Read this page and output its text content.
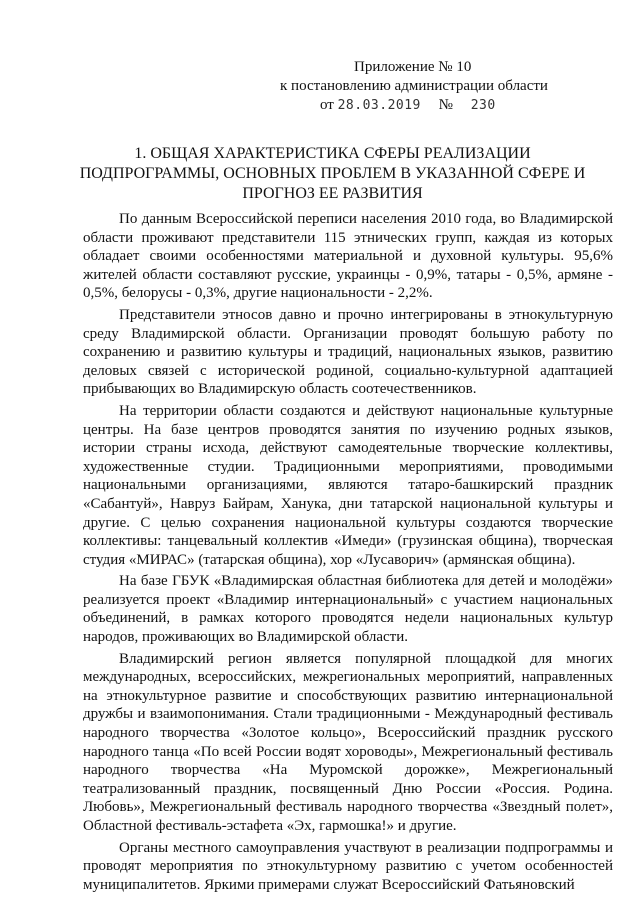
Приложение № 10
к постановлению администрации области
от 28.03.2019 № 230
1. ОБЩАЯ ХАРАКТЕРИСТИКА СФЕРЫ РЕАЛИЗАЦИИ ПОДПРОГРАММЫ, ОСНОВНЫХ ПРОБЛЕМ В УКАЗАННОЙ СФЕРЕ И ПРОГНОЗ ЕЕ РАЗВИТИЯ

По данным Всероссийской переписи населения 2010 года, во Владимирской области проживают представители 115 этнических групп, каждая из которых обладает своими особенностями материальной и духовной культуры. 95,6% жителей области составляют русские, украинцы - 0,9%, татары - 0,5%, армяне - 0,5%, белорусы - 0,3%, другие национальности - 2,2%.

Представители этносов давно и прочно интегрированы в этнокультурную среду Владимирской области. Организации проводят большую работу по сохранению и развитию культуры и традиций, национальных языков, развитию деловых связей с исторической родиной, социально-культурной адаптацией прибывающих во Владимирскую область соотечественников.

На территории области создаются и действуют национальные культурные центры. На базе центров проводятся занятия по изучению родных языков, истории страны исхода, действуют самодеятельные творческие коллективы, художественные студии. Традиционными мероприятиями, проводимыми национальными организациями, являются татаро-башкирский праздник «Сабантуй», Навруз Байрам, Ханука, дни татарской национальной культуры и другие. С целью сохранения национальной культуры создаются творческие коллективы: танцевальный коллектив «Имеди» (грузинская община), творческая студия «МИРАС» (татарская община), хор «Лусаворич» (армянская община).

На базе ГБУК «Владимирская областная библиотека для детей и молодёжи» реализуется проект «Владимир интернациональный» с участием национальных объединений, в рамках которого проводятся недели национальных культур народов, проживающих во Владимирской области.

Владимирский регион является популярной площадкой для многих международных, всероссийских, межрегиональных мероприятий, направленных на этнокультурное развитие и способствующих развитию интернациональной дружбы и взаимопонимания. Стали традиционными - Международный фестиваль народного творчества «Золотое кольцо», Всероссийский праздник русского народного танца «По всей России водят хороводы», Межрегиональный фестиваль народного творчества «На Муромской дорожке», Межрегиональный театрализованный праздник, посвященный Дню России «Россия. Родина. Любовь», Межрегиональный фестиваль народного творчества «Звездный полет», Областной фестиваль-эстафета «Эх, гармошка!» и другие.

Органы местного самоуправления участвуют в реализации подпрограммы и проводят мероприятия по этнокультурному развитию с учетом особенностей муниципалитетов. Яркими примерами служат Всероссийский Фатьяновский
